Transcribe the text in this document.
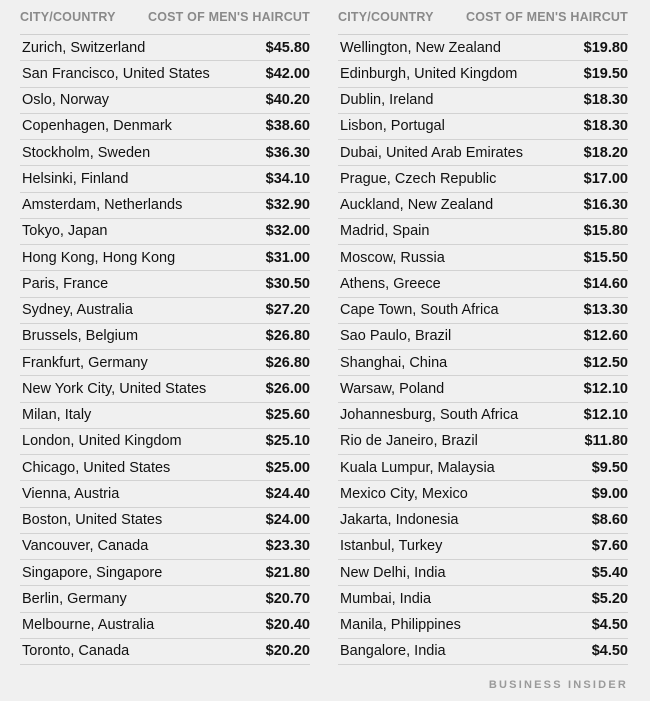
CITY/COUNTRY	COST OF MEN'S HAIRCUT
Zurich, Switzerland	$45.80
San Francisco, United States	$42.00
Oslo, Norway	$40.20
Copenhagen, Denmark	$38.60
Stockholm, Sweden	$36.30
Helsinki, Finland	$34.10
Amsterdam, Netherlands	$32.90
Tokyo, Japan	$32.00
Hong Kong, Hong Kong	$31.00
Paris, France	$30.50
Sydney, Australia	$27.20
Brussels, Belgium	$26.80
Frankfurt, Germany	$26.80
New York City, United States	$26.00
Milan, Italy	$25.60
London, United Kingdom	$25.10
Chicago, United States	$25.00
Vienna, Austria	$24.40
Boston, United States	$24.00
Vancouver, Canada	$23.30
Singapore, Singapore	$21.80
Berlin, Germany	$20.70
Melbourne, Australia	$20.40
Toronto, Canada	$20.20
CITY/COUNTRY	COST OF MEN'S HAIRCUT
Wellington, New Zealand	$19.80
Edinburgh, United Kingdom	$19.50
Dublin, Ireland	$18.30
Lisbon, Portugal	$18.30
Dubai, United Arab Emirates	$18.20
Prague, Czech Republic	$17.00
Auckland, New Zealand	$16.30
Madrid, Spain	$15.80
Moscow, Russia	$15.50
Athens, Greece	$14.60
Cape Town, South Africa	$13.30
Sao Paulo, Brazil	$12.60
Shanghai, China	$12.50
Warsaw, Poland	$12.10
Johannesburg, South Africa	$12.10
Rio de Janeiro, Brazil	$11.80
Kuala Lumpur, Malaysia	$9.50
Mexico City, Mexico	$9.00
Jakarta, Indonesia	$8.60
Istanbul, Turkey	$7.60
New Delhi, India	$5.40
Mumbai, India	$5.20
Manila, Philippines	$4.50
Bangalore, India	$4.50
BUSINESS INSIDER
